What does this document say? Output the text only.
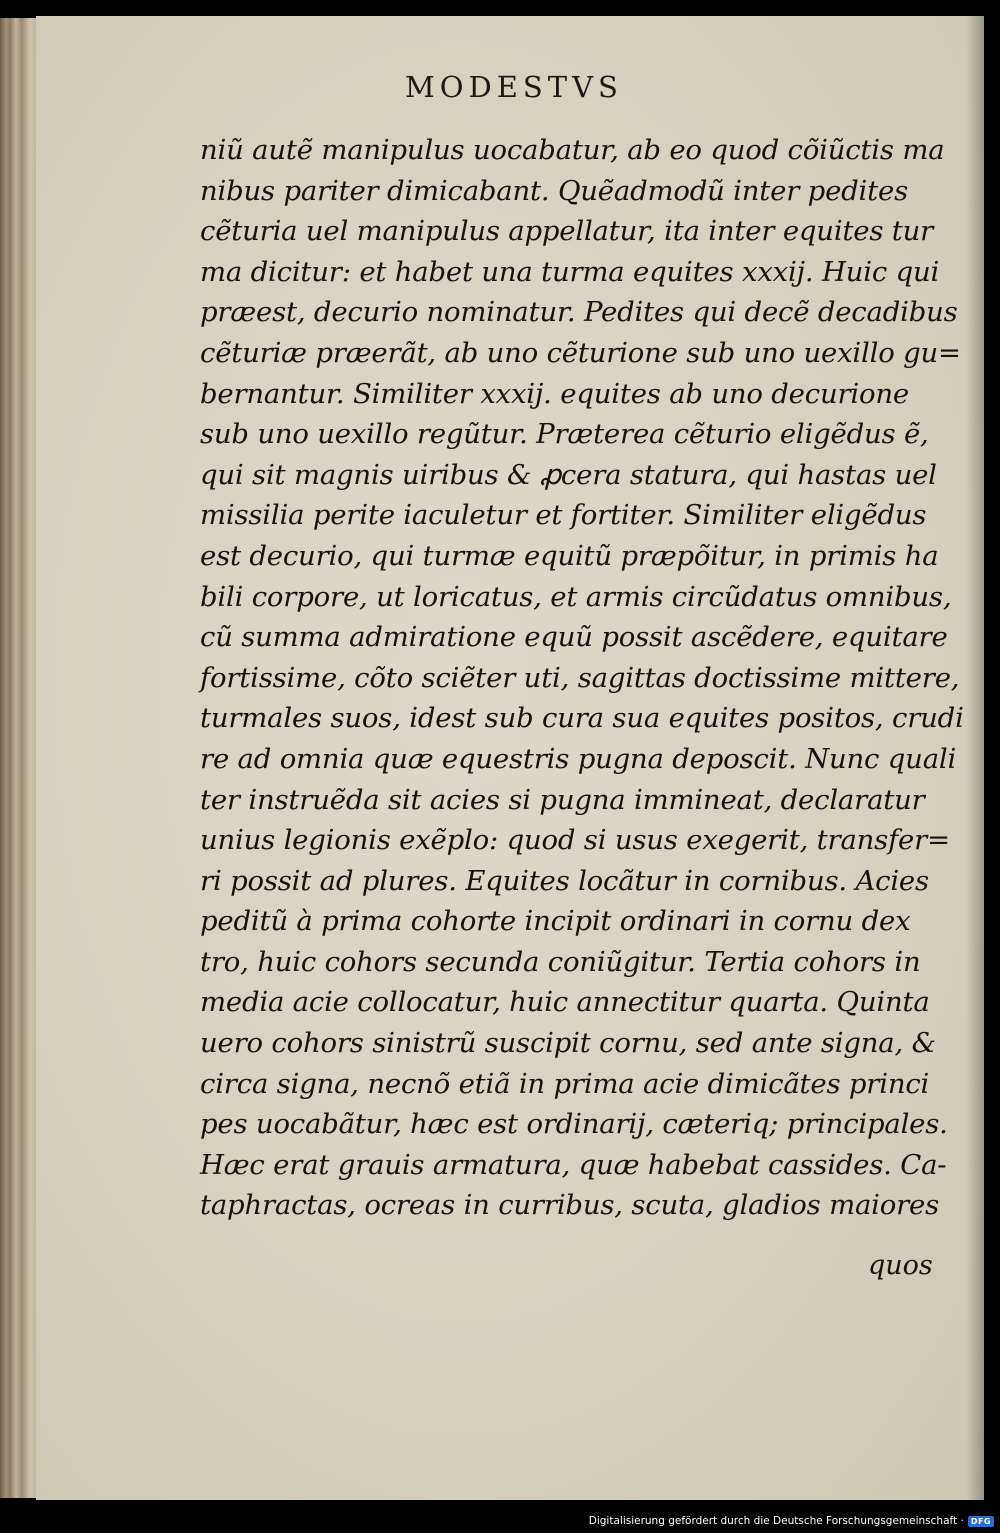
MODESTVS
niũ autẽ manipulus uocabatur, ab eo quod cõiũctis ma
nibus pariter dimicabant. Quẽadmodũ inter pedites
cẽturia uel manipulus appellatur, ita inter equites tur
ma dicitur: et habet una turma equites xxxij. Huic qui
præest, decurio nominatur. Pedites qui decẽ decadibus
cẽturiæ præerãt, ab uno cẽturione sub uno uexillo gu=
bernantur. Similiter xxxij. equites ab uno decurione
sub uno uexillo regũtur. Præterea cẽturio eligẽdus ẽ,
qui sit magnis uiribus & ꝓcera statura, qui hastas uel
missilia perite iaculetur et fortiter. Similiter eligẽdus
est decurio, qui turmæ equitũ præpõitur, in primis ha
bili corpore, ut loricatus, et armis circũdatus omnibus,
cũ summa admiratione equũ possit ascẽdere, equitare
fortissime, cõto sciẽter uti, sagittas doctissime mittere,
turmales suos, idest sub cura sua equites positos, crudi
re ad omnia quæ equestris pugna deposcit. Nunc quali
ter instruẽda sit acies si pugna immineat, declaratur
unius legionis exẽplo: quod si usus exegerit, transfer=
ri possit ad plures. Equites locãtur in cornibus. Acies
peditũ à prima cohorte incipit ordinari in cornu dex
tro, huic cohors secunda coniũgitur. Tertia cohors in
media acie collocatur, huic annectitur quarta. Quinta
uero cohors sinistrũ suscipit cornu, sed ante signa, &
circa signa, necnõ etiã in prima acie dimicãtes princi
pes uocabãtur, hæc est ordinarij, cæteriq; principales.
Hæc erat grauis armatura, quæ habebat cassides. Ca-
taphractas, ocreas in curribus, scuta, gladios maiores
quos
Digitalisierung gefördert durch die Deutsche Forschungsgemeinschaft · DFG
